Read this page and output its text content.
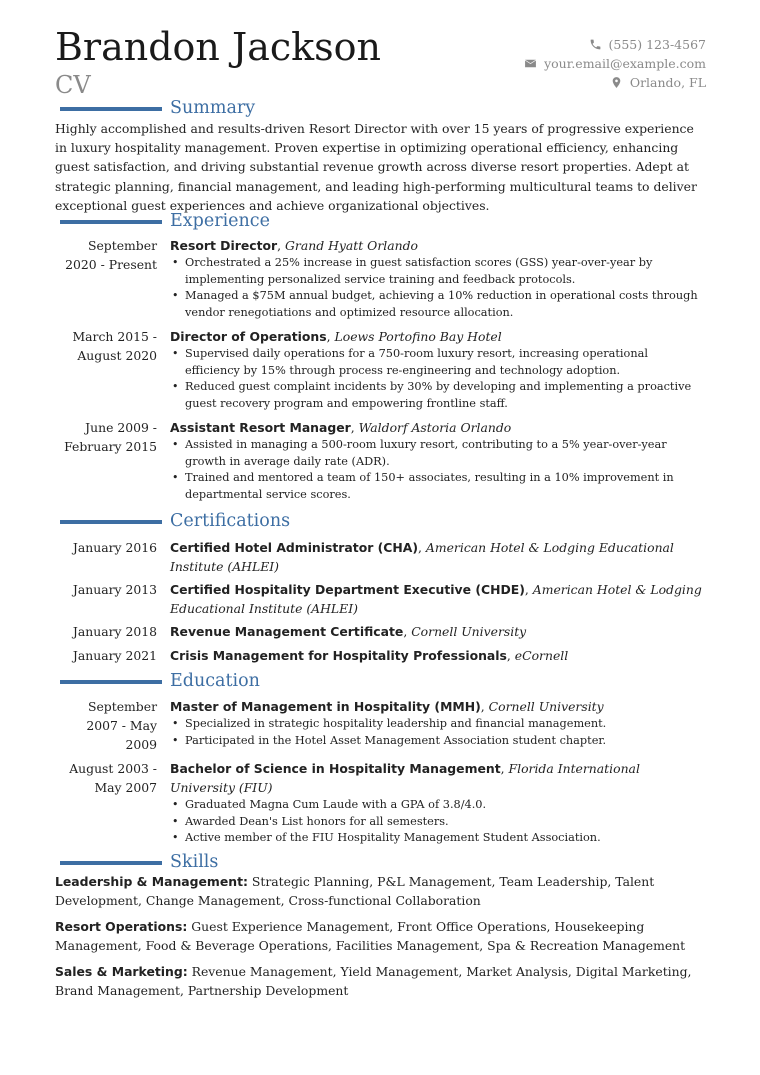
Brandon Jackson
CV
(555) 123-4567
your.email@example.com
Orlando, FL
Summary
Highly accomplished and results-driven Resort Director with over 15 years of progressive experience in luxury hospitality management. Proven expertise in optimizing operational efficiency, enhancing guest satisfaction, and driving substantial revenue growth across diverse resort properties. Adept at strategic planning, financial management, and leading high-performing multicultural teams to deliver exceptional guest experiences and achieve organizational objectives.
Experience
September 2020 - Present
Resort Director, Grand Hyatt Orlando
• Orchestrated a 25% increase in guest satisfaction scores (GSS) year-over-year by implementing personalized service training and feedback protocols.
• Managed a $75M annual budget, achieving a 10% reduction in operational costs through vendor renegotiations and optimized resource allocation.
March 2015 - August 2020
Director of Operations, Loews Portofino Bay Hotel
• Supervised daily operations for a 750-room luxury resort, increasing operational efficiency by 15% through process re-engineering and technology adoption.
• Reduced guest complaint incidents by 30% by developing and implementing a proactive guest recovery program and empowering frontline staff.
June 2009 - February 2015
Assistant Resort Manager, Waldorf Astoria Orlando
• Assisted in managing a 500-room luxury resort, contributing to a 5% year-over-year growth in average daily rate (ADR).
• Trained and mentored a team of 150+ associates, resulting in a 10% improvement in departmental service scores.
Certifications
January 2016 Certified Hotel Administrator (CHA), American Hotel & Lodging Educational Institute (AHLEI)
January 2013 Certified Hospitality Department Executive (CHDE), American Hotel & Lodging Educational Institute (AHLEI)
January 2018 Revenue Management Certificate, Cornell University
January 2021 Crisis Management for Hospitality Professionals, eCornell
Education
September 2007 - May 2009
Master of Management in Hospitality (MMH), Cornell University
• Specialized in strategic hospitality leadership and financial management.
• Participated in the Hotel Asset Management Association student chapter.
August 2003 - May 2007
Bachelor of Science in Hospitality Management, Florida International University (FIU)
• Graduated Magna Cum Laude with a GPA of 3.8/4.0.
• Awarded Dean's List honors for all semesters.
• Active member of the FIU Hospitality Management Student Association.
Skills
Leadership & Management: Strategic Planning, P&L Management, Team Leadership, Talent Development, Change Management, Cross-functional Collaboration
Resort Operations: Guest Experience Management, Front Office Operations, Housekeeping Management, Food & Beverage Operations, Facilities Management, Spa & Recreation Management
Sales & Marketing: Revenue Management, Yield Management, Market Analysis, Digital Marketing, Brand Management, Partnership Development
